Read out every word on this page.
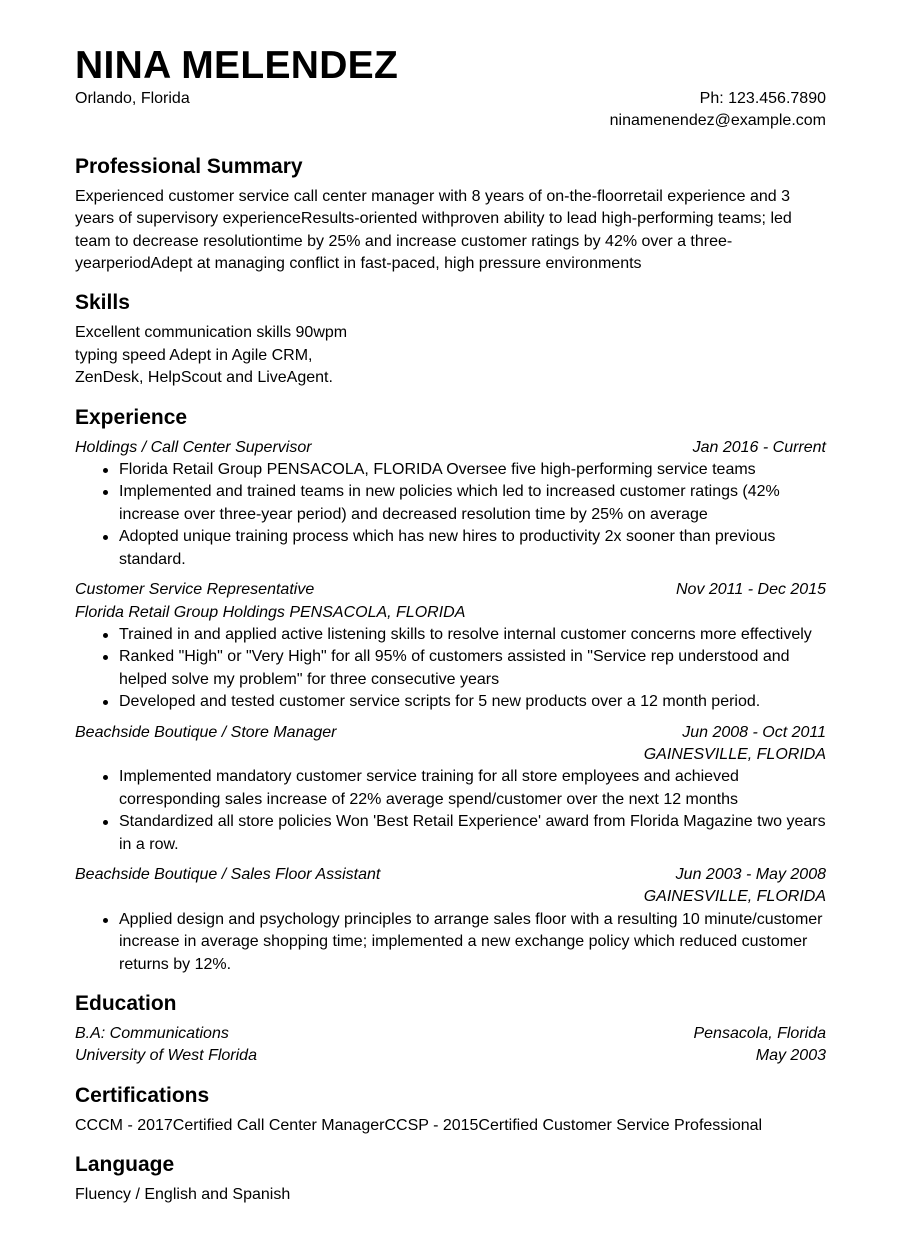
NINA MELENDEZ
Orlando, Florida	Ph: 123.456.7890
ninamenendez@example.com
Professional Summary

Experienced customer service call center manager with 8 years of on-the-floorretail experience and 3 years of supervisory experienceResults-oriented withproven ability to lead high-performing teams; led team to decrease resolutiontime by 25% and increase customer ratings by 42% over a three-yearperiodAdept at managing conflict in fast-paced, high pressure environments

Skills

Excellent communication skills 90wpm typing speed Adept in Agile CRM, ZenDesk, HelpScout and LiveAgent.

Experience
Holdings / Call Center Supervisor	Jan 2016 - Current
Florida Retail Group PENSACOLA, FLORIDA Oversee five high-performing service teams
Implemented and trained teams in new policies which led to increased customer ratings (42% increase over three-year period) and decreased resolution time by 25% on average
Adopted unique training process which has new hires to productivity 2x sooner than previous standard.
Customer Service Representative	Nov 2011 - Dec 2015
Florida Retail Group Holdings PENSACOLA, FLORIDA
Trained in and applied active listening skills to resolve internal customer concerns more effectively
Ranked "High" or "Very High" for all 95% of customers assisted in "Service rep understood and helped solve my problem" for three consecutive years
Developed and tested customer service scripts for 5 new products over a 12 month period.
Beachside Boutique / Store Manager	Jun 2008 - Oct 2011
GAINESVILLE, FLORIDA
Implemented mandatory customer service training for all store employees and achieved corresponding sales increase of 22% average spend/customer over the next 12 months
Standardized all store policies Won 'Best Retail Experience' award from Florida Magazine two years in a row.
Beachside Boutique / Sales Floor Assistant	Jun 2003 - May 2008
GAINESVILLE, FLORIDA
Applied design and psychology principles to arrange sales floor with a resulting 10 minute/customer increase in average shopping time; implemented a new exchange policy which reduced customer returns by 12%.
Education
B.A: Communications	Pensacola, Florida
University of West Florida	May 2003
Certifications

CCCM - 2017Certified Call Center ManagerCCSP - 2015Certified Customer Service Professional

Language

Fluency / English and Spanish
